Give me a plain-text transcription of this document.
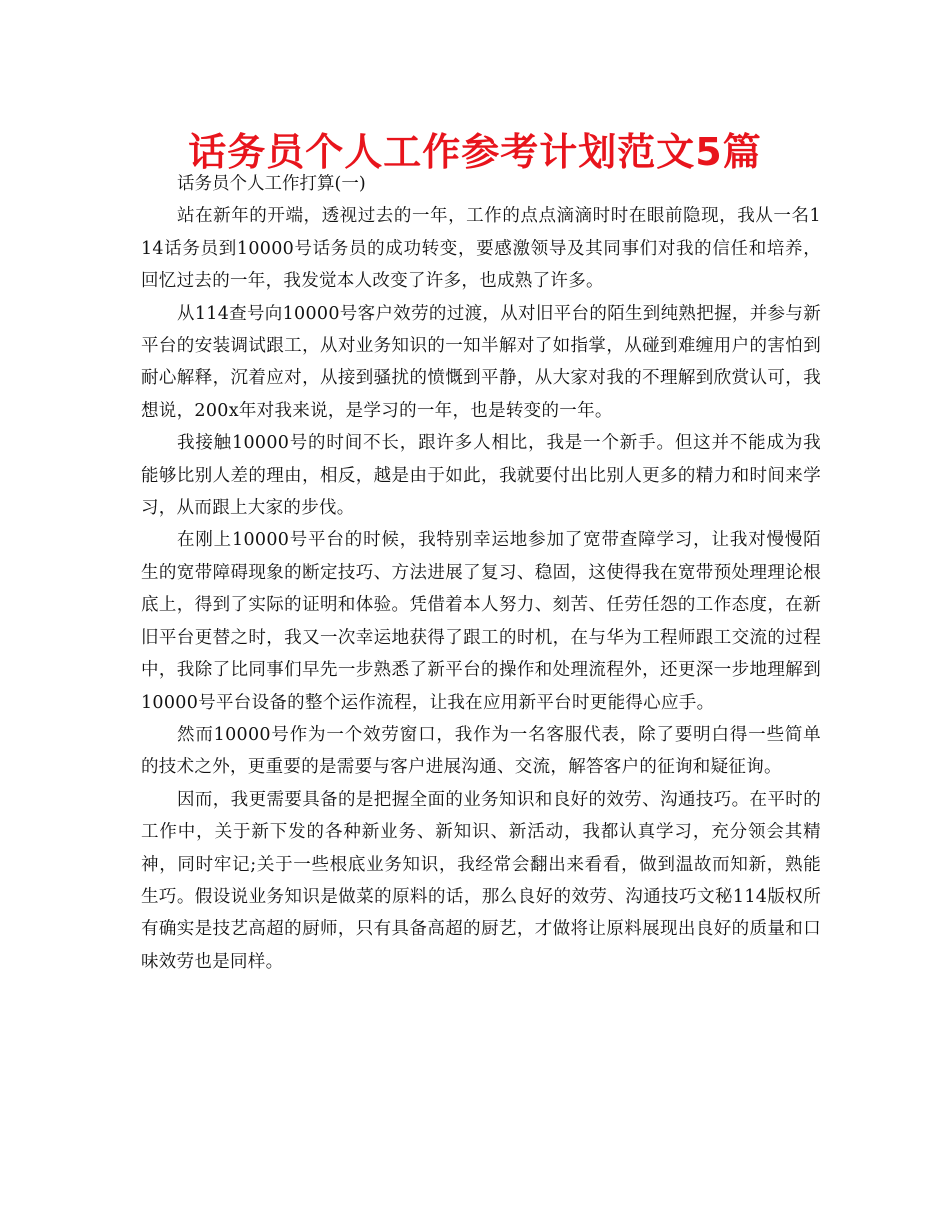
话务员个人工作参考计划范文5篇

话务员个人工作打算(一)

站在新年的开端，透视过去的一年，工作的点点滴滴时时在眼前隐现，我从一名114话务员到10000号话务员的成功转变，要感激领导及其同事们对我的信任和培养，回忆过去的一年，我发觉本人改变了许多，也成熟了许多。

从114查号向10000号客户效劳的过渡，从对旧平台的陌生到纯熟把握，并参与新平台的安装调试跟工，从对业务知识的一知半解对了如指掌，从碰到难缠用户的害怕到耐心解释，沉着应对，从接到骚扰的愤慨到平静，从大家对我的不理解到欣赏认可，我想说，200x年对我来说，是学习的一年，也是转变的一年。

我接触10000号的时间不长，跟许多人相比，我是一个新手。但这并不能成为我能够比别人差的理由，相反，越是由于如此，我就要付出比别人更多的精力和时间来学习，从而跟上大家的步伐。

在刚上10000号平台的时候，我特别幸运地参加了宽带查障学习，让我对慢慢陌生的宽带障碍现象的断定技巧、方法进展了复习、稳固，这使得我在宽带预处理理论根底上，得到了实际的证明和体验。凭借着本人努力、刻苦、任劳任怨的工作态度，在新旧平台更替之时，我又一次幸运地获得了跟工的时机，在与华为工程师跟工交流的过程中，我除了比同事们早先一步熟悉了新平台的操作和处理流程外，还更深一步地理解到10000号平台设备的整个运作流程，让我在应用新平台时更能得心应手。

然而10000号作为一个效劳窗口，我作为一名客服代表，除了要明白得一些简单的技术之外，更重要的是需要与客户进展沟通、交流，解答客户的征询和疑征询。

因而，我更需要具备的是把握全面的业务知识和良好的效劳、沟通技巧。在平时的工作中，关于新下发的各种新业务、新知识、新活动，我都认真学习，充分领会其精神，同时牢记;关于一些根底业务知识，我经常会翻出来看看，做到温故而知新，熟能生巧。假设说业务知识是做菜的原料的话，那么良好的效劳、沟通技巧文秘114版权所有确实是技艺高超的厨师，只有具备高超的厨艺，才做将让原料展现出良好的质量和口味效劳也是同样。
